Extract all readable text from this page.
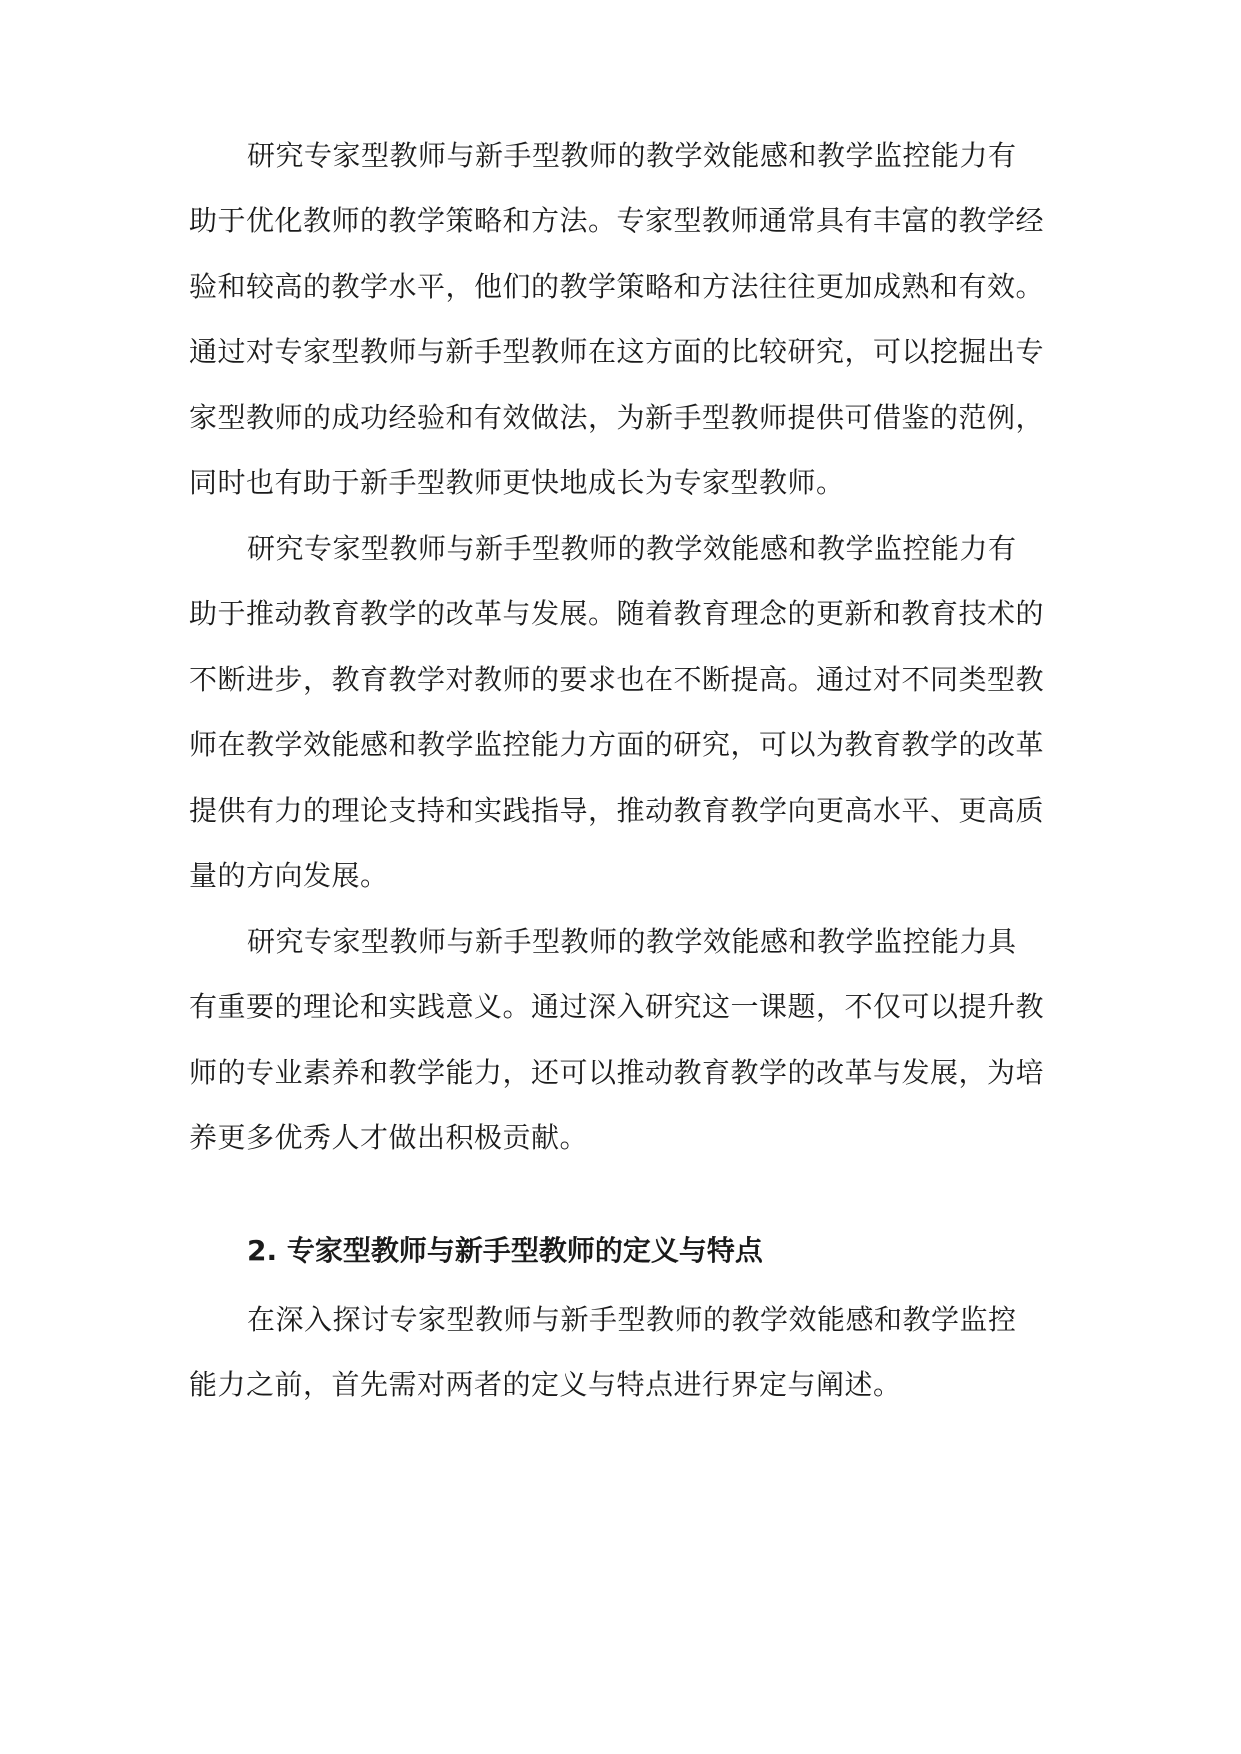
研究专家型教师与新手型教师的教学效能感和教学监控能力有
助于优化教师的教学策略和方法。专家型教师通常具有丰富的教学经
验和较高的教学水平，他们的教学策略和方法往往更加成熟和有效。
通过对专家型教师与新手型教师在这方面的比较研究，可以挖掘出专
家型教师的成功经验和有效做法，为新手型教师提供可借鉴的范例，
同时也有助于新手型教师更快地成长为专家型教师。
研究专家型教师与新手型教师的教学效能感和教学监控能力有
助于推动教育教学的改革与发展。随着教育理念的更新和教育技术的
不断进步，教育教学对教师的要求也在不断提高。通过对不同类型教
师在教学效能感和教学监控能力方面的研究，可以为教育教学的改革
提供有力的理论支持和实践指导，推动教育教学向更高水平、更高质
量的方向发展。
研究专家型教师与新手型教师的教学效能感和教学监控能力具
有重要的理论和实践意义。通过深入研究这一课题，不仅可以提升教
师的专业素养和教学能力，还可以推动教育教学的改革与发展，为培
养更多优秀人才做出积极贡献。
2. 专家型教师与新手型教师的定义与特点
在深入探讨专家型教师与新手型教师的教学效能感和教学监控
能力之前，首先需对两者的定义与特点进行界定与阐述。
